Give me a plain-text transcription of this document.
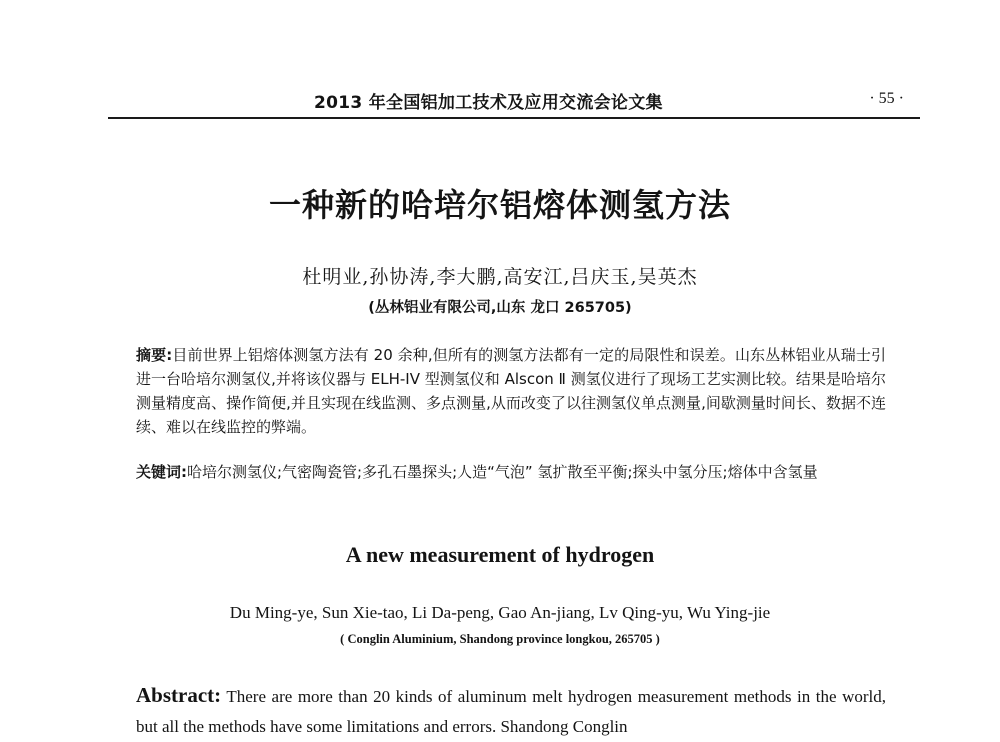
2013 年全国铝加工技术及应用交流会论文集	· 55 ·
一种新的哈培尔铝熔体测氢方法
杜明业,孙协涛,李大鹏,高安江,吕庆玉,吴英杰
(丛林铝业有限公司,山东 龙口 265705)
摘要:目前世界上铝熔体测氢方法有 20 余种,但所有的测氢方法都有一定的局限性和误差。山东丛林铝业从瑞士引进一台哈培尔测氢仪,并将该仪器与 ELH-IV 型测氢仪和 Alscon Ⅱ 测氢仪进行了现场工艺实测比较。结果是哈培尔测量精度高、操作简便,并且实现在线监测、多点测量,从而改变了以往测氢仪单点测量,间歇测量时间长、数据不连续、难以在线监控的弊端。
关键词:哈培尔测氢仪;气密陶瓷管;多孔石墨探头;人造“气泡” 氢扩散至平衡;探头中氢分压;熔体中含氢量
A new measurement of hydrogen
Du Ming-ye, Sun Xie-tao, Li Da-peng, Gao An-jiang, Lv Qing-yu, Wu Ying-jie
( Conglin Aluminium, Shandong province longkou, 265705 )
Abstract: There are more than 20 kinds of aluminum melt hydrogen measurement methods in the world, but all the methods have some limitations and errors. Shandong Conglin
